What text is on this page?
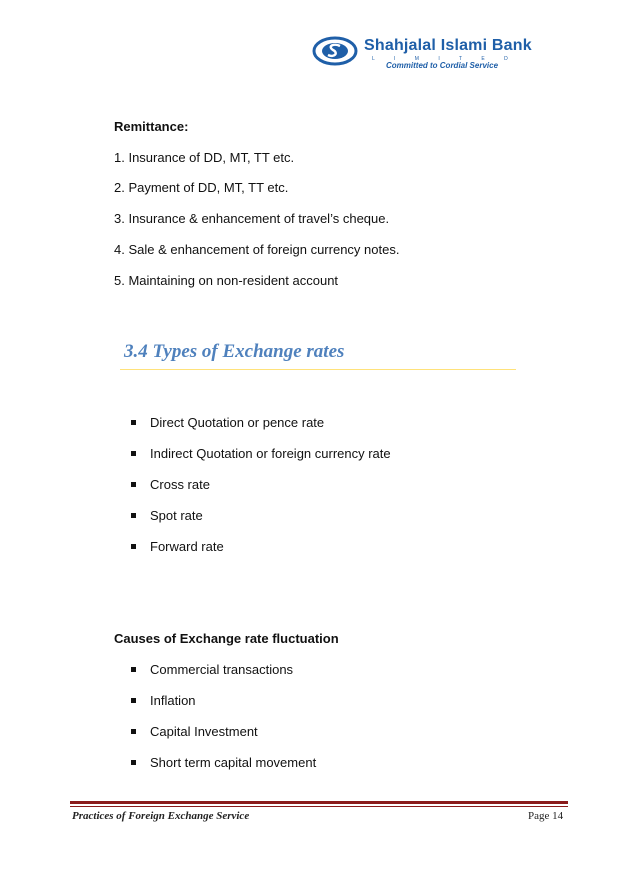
Shahjalal Islami Bank
L I M I T E D
Committed to Cordial Service
Remittance:
1. Insurance of DD, MT, TT etc.
2. Payment of DD, MT, TT etc.
3. Insurance & enhancement of travel’s cheque.
4. Sale & enhancement of foreign currency notes.
5. Maintaining on non-resident account
3.4 Types of Exchange rates
Direct Quotation or pence rate
Indirect Quotation or foreign currency rate
Cross rate
Spot rate
Forward rate
Causes of Exchange rate fluctuation
Commercial transactions
Inflation
Capital Investment
Short term capital movement
Practices of Foreign Exchange Service	Page 14
